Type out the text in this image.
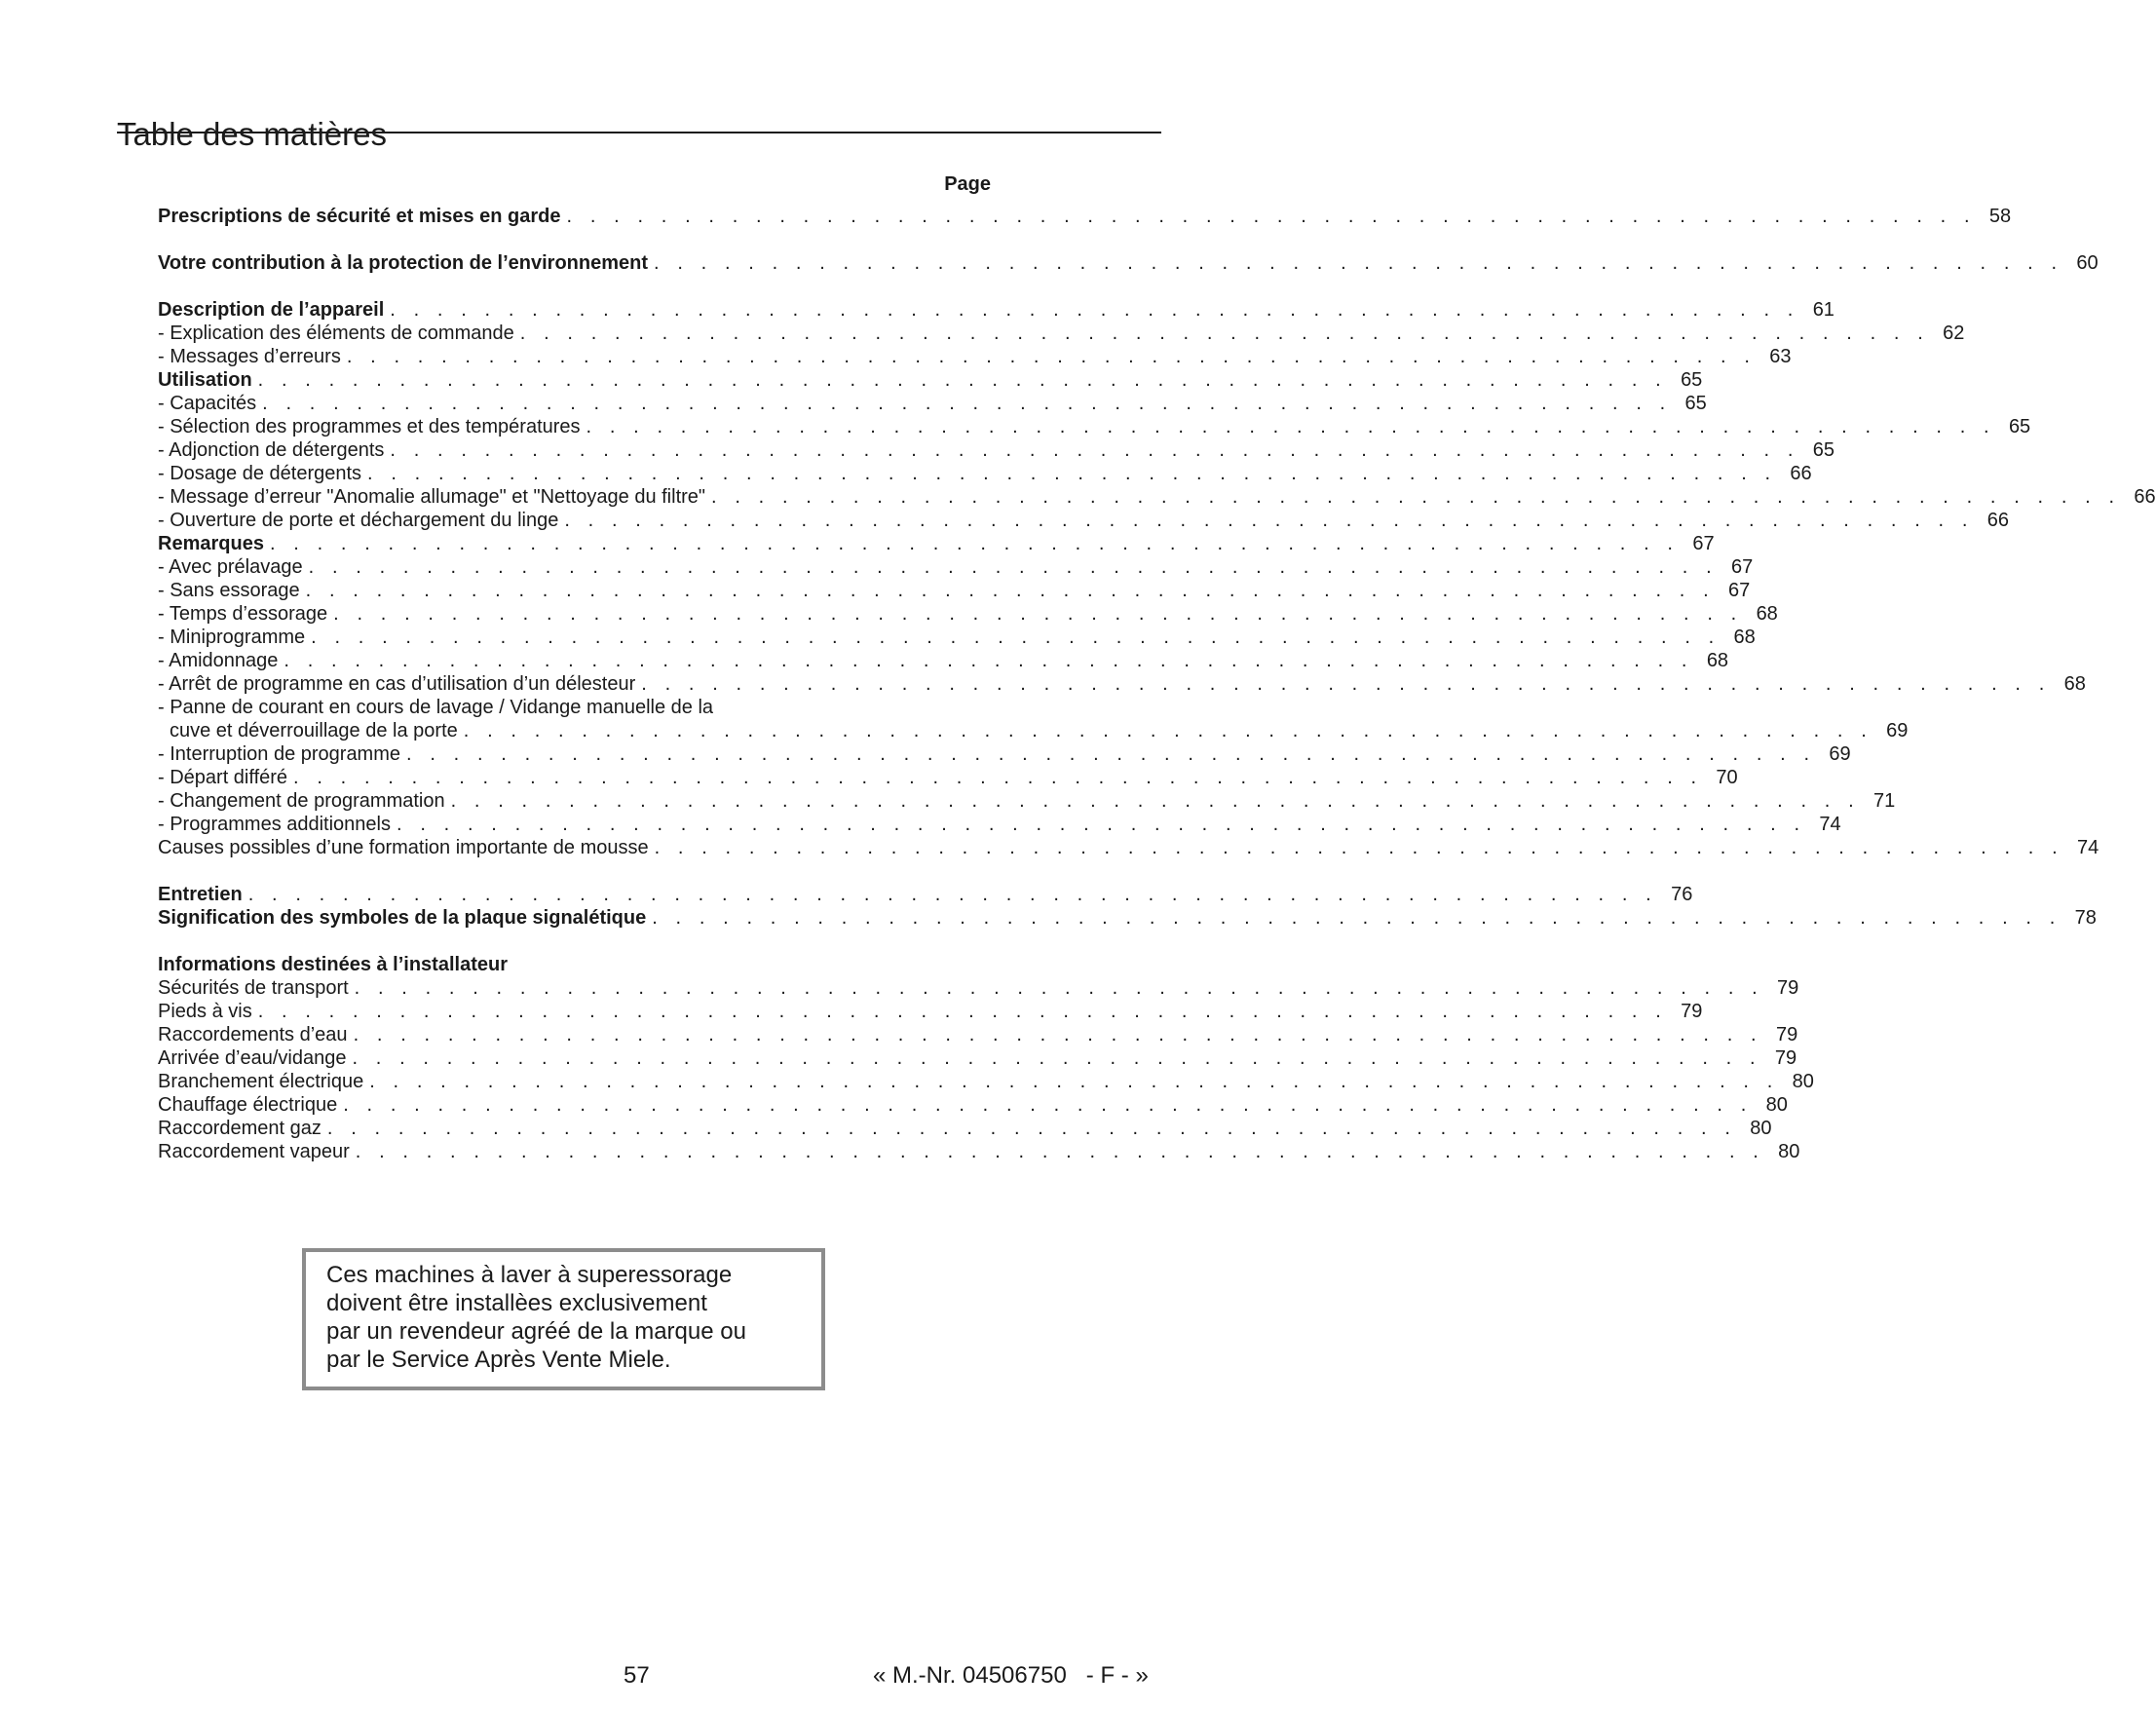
Table des matières
Page
Prescriptions de sécurité et mises en garde . . . . . . . . . . . . . . . . . . . . . . . . . . . . . . . . . . . . . . . . . . . . . . . . . . . . . . . . . . . . 58
Votre contribution à la protection de l’environnement . . . . . . . . . . . . . . . . . . . . . . . . . . . . . . . . . . . . . . . . . . . . . . . . . . . . . . . . . . . . 60
Description de l’appareil . . . . . . . . . . . . . . . . . . . . . . . . . . . . . . . . . . . . . . . . . . . . . . . . . . . . . . . . . . . . 61
- Explication des éléments de commande . . . . . . . . . . . . . . . . . . . . . . . . . . . . . . . . . . . . . . . . . . . . . . . . . . . . . . . . . . . . 62
- Messages d’erreurs . . . . . . . . . . . . . . . . . . . . . . . . . . . . . . . . . . . . . . . . . . . . . . . . . . . . . . . . . . . . 63
Utilisation . . . . . . . . . . . . . . . . . . . . . . . . . . . . . . . . . . . . . . . . . . . . . . . . . . . . . . . . . . . . 65
- Capacités . . . . . . . . . . . . . . . . . . . . . . . . . . . . . . . . . . . . . . . . . . . . . . . . . . . . . . . . . . . . 65
- Sélection des programmes et des températures . . . . . . . . . . . . . . . . . . . . . . . . . . . . . . . . . . . . . . . . . . . . . . . . . . . . . . . . . . . . 65
- Adjonction de détergents . . . . . . . . . . . . . . . . . . . . . . . . . . . . . . . . . . . . . . . . . . . . . . . . . . . . . . . . . . . . 65
- Dosage de détergents . . . . . . . . . . . . . . . . . . . . . . . . . . . . . . . . . . . . . . . . . . . . . . . . . . . . . . . . . . . . 66
- Message d’erreur "Anomalie allumage" et "Nettoyage du filtre" . . . . . . . . . . . . . . . . . . . . . . . . . . . . . . . . . . . . . . . . . . . . . . . . . . . . . . . . . . . . 66
- Ouverture de porte et déchargement du linge . . . . . . . . . . . . . . . . . . . . . . . . . . . . . . . . . . . . . . . . . . . . . . . . . . . . . . . . . . . . 66
Remarques . . . . . . . . . . . . . . . . . . . . . . . . . . . . . . . . . . . . . . . . . . . . . . . . . . . . . . . . . . . . 67
- Avec prélavage . . . . . . . . . . . . . . . . . . . . . . . . . . . . . . . . . . . . . . . . . . . . . . . . . . . . . . . . . . . . 67
- Sans essorage . . . . . . . . . . . . . . . . . . . . . . . . . . . . . . . . . . . . . . . . . . . . . . . . . . . . . . . . . . . . 67
- Temps d’essorage . . . . . . . . . . . . . . . . . . . . . . . . . . . . . . . . . . . . . . . . . . . . . . . . . . . . . . . . . . . . 68
- Miniprogramme . . . . . . . . . . . . . . . . . . . . . . . . . . . . . . . . . . . . . . . . . . . . . . . . . . . . . . . . . . . . 68
- Amidonnage . . . . . . . . . . . . . . . . . . . . . . . . . . . . . . . . . . . . . . . . . . . . . . . . . . . . . . . . . . . . 68
- Arrêt de programme en cas d’utilisation d’un délesteur . . . . . . . . . . . . . . . . . . . . . . . . . . . . . . . . . . . . . . . . . . . . . . . . . . . . . . . . . . . . 68
- Panne de courant en cours de lavage / Vidange manuelle de la
cuve et déverrouillage de la porte . . . . . . . . . . . . . . . . . . . . . . . . . . . . . . . . . . . . . . . . . . . . . . . . . . . . . . . . . . . . 69
- Interruption de programme . . . . . . . . . . . . . . . . . . . . . . . . . . . . . . . . . . . . . . . . . . . . . . . . . . . . . . . . . . . . 69
- Départ différé . . . . . . . . . . . . . . . . . . . . . . . . . . . . . . . . . . . . . . . . . . . . . . . . . . . . . . . . . . . . 70
- Changement de programmation . . . . . . . . . . . . . . . . . . . . . . . . . . . . . . . . . . . . . . . . . . . . . . . . . . . . . . . . . . . . 71
- Programmes additionnels . . . . . . . . . . . . . . . . . . . . . . . . . . . . . . . . . . . . . . . . . . . . . . . . . . . . . . . . . . . . 74
Causes possibles d’une formation importante de mousse . . . . . . . . . . . . . . . . . . . . . . . . . . . . . . . . . . . . . . . . . . . . . . . . . . . . . . . . . . . . 74
Entretien . . . . . . . . . . . . . . . . . . . . . . . . . . . . . . . . . . . . . . . . . . . . . . . . . . . . . . . . . . . . 76
Signification des symboles de la plaque signalétique . . . . . . . . . . . . . . . . . . . . . . . . . . . . . . . . . . . . . . . . . . . . . . . . . . . . . . . . . . . . 78
Informations destinées à l’installateur
Sécurités de transport . . . . . . . . . . . . . . . . . . . . . . . . . . . . . . . . . . . . . . . . . . . . . . . . . . . . . . . . . . . . 79
Pieds à vis . . . . . . . . . . . . . . . . . . . . . . . . . . . . . . . . . . . . . . . . . . . . . . . . . . . . . . . . . . . . 79
Raccordements d’eau . . . . . . . . . . . . . . . . . . . . . . . . . . . . . . . . . . . . . . . . . . . . . . . . . . . . . . . . . . . . 79
Arrivée d’eau/vidange . . . . . . . . . . . . . . . . . . . . . . . . . . . . . . . . . . . . . . . . . . . . . . . . . . . . . . . . . . . . 79
Branchement électrique . . . . . . . . . . . . . . . . . . . . . . . . . . . . . . . . . . . . . . . . . . . . . . . . . . . . . . . . . . . . 80
Chauffage électrique . . . . . . . . . . . . . . . . . . . . . . . . . . . . . . . . . . . . . . . . . . . . . . . . . . . . . . . . . . . . 80
Raccordement gaz . . . . . . . . . . . . . . . . . . . . . . . . . . . . . . . . . . . . . . . . . . . . . . . . . . . . . . . . . . . . 80
Raccordement vapeur . . . . . . . . . . . . . . . . . . . . . . . . . . . . . . . . . . . . . . . . . . . . . . . . . . . . . . . . . . . . 80
Ces machines à laver à superessorage
doivent être installèes exclusivement
par un revendeur agréé de la marque ou
par le Service Après Vente Miele.
57	« M.-Nr. 04506750   - F - »
